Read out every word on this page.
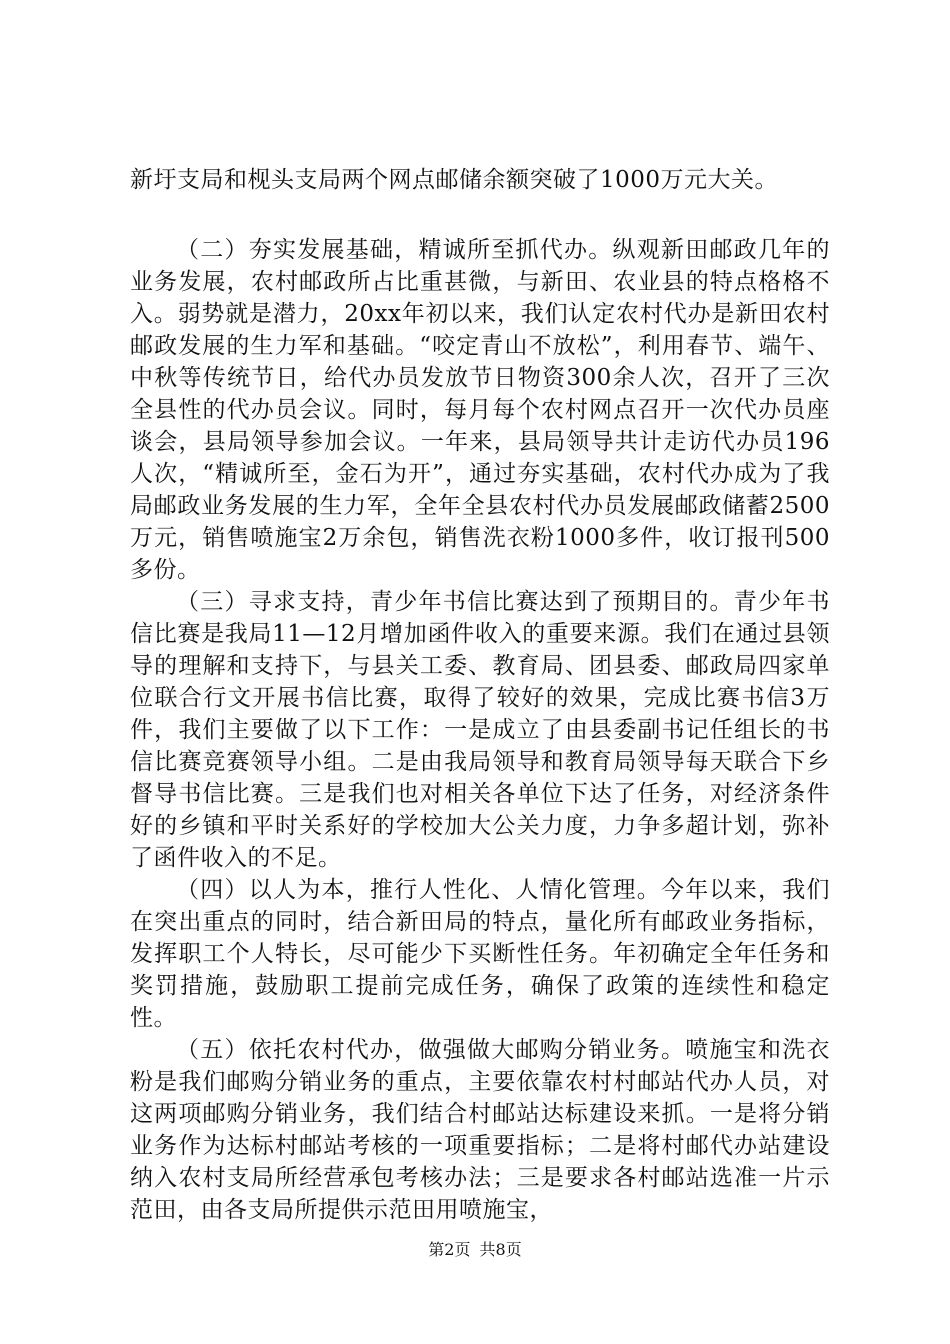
新圩支局和枧头支局两个网点邮储余额突破了1000万元大关。

（二）夯实发展基础，精诚所至抓代办。纵观新田邮政几年的业务发展，农村邮政所占比重甚微，与新田、农业县的特点格格不入。弱势就是潜力，20xx年初以来，我们认定农村代办是新田农村邮政发展的生力军和基础。“咬定青山不放松”，利用春节、端午、中秋等传统节日，给代办员发放节日物资300余人次，召开了三次全县性的代办员会议。同时，每月每个农村网点召开一次代办员座谈会，县局领导参加会议。一年来，县局领导共计走访代办员196人次，“精诚所至，金石为开”，通过夯实基础，农村代办成为了我局邮政业务发展的生力军，全年全县农村代办员发展邮政储蓄2500万元，销售喷施宝2万余包，销售洗衣粉1000多件，收订报刊500多份。

（三）寻求支持，青少年书信比赛达到了预期目的。青少年书信比赛是我局11—12月增加函件收入的重要来源。我们在通过县领导的理解和支持下，与县关工委、教育局、团县委、邮政局四家单位联合行文开展书信比赛，取得了较好的效果，完成比赛书信3万件，我们主要做了以下工作：一是成立了由县委副书记任组长的书信比赛竞赛领导小组。二是由我局领导和教育局领导每天联合下乡督导书信比赛。三是我们也对相关各单位下达了任务，对经济条件好的乡镇和平时关系好的学校加大公关力度，力争多超计划，弥补了函件收入的不足。

（四）以人为本，推行人性化、人情化管理。今年以来，我们在突出重点的同时，结合新田局的特点，量化所有邮政业务指标，发挥职工个人特长，尽可能少下买断性任务。年初确定全年任务和奖罚措施，鼓励职工提前完成任务，确保了政策的连续性和稳定性。

（五）依托农村代办，做强做大邮购分销业务。喷施宝和洗衣粉是我们邮购分销业务的重点，主要依靠农村村邮站代办人员，对这两项邮购分销业务，我们结合村邮站达标建设来抓。一是将分销业务作为达标村邮站考核的一项重要指标；二是将村邮代办站建设纳入农村支局所经营承包考核办法；三是要求各村邮站选准一片示范田，由各支局所提供示范田用喷施宝，

第2页 共8页
